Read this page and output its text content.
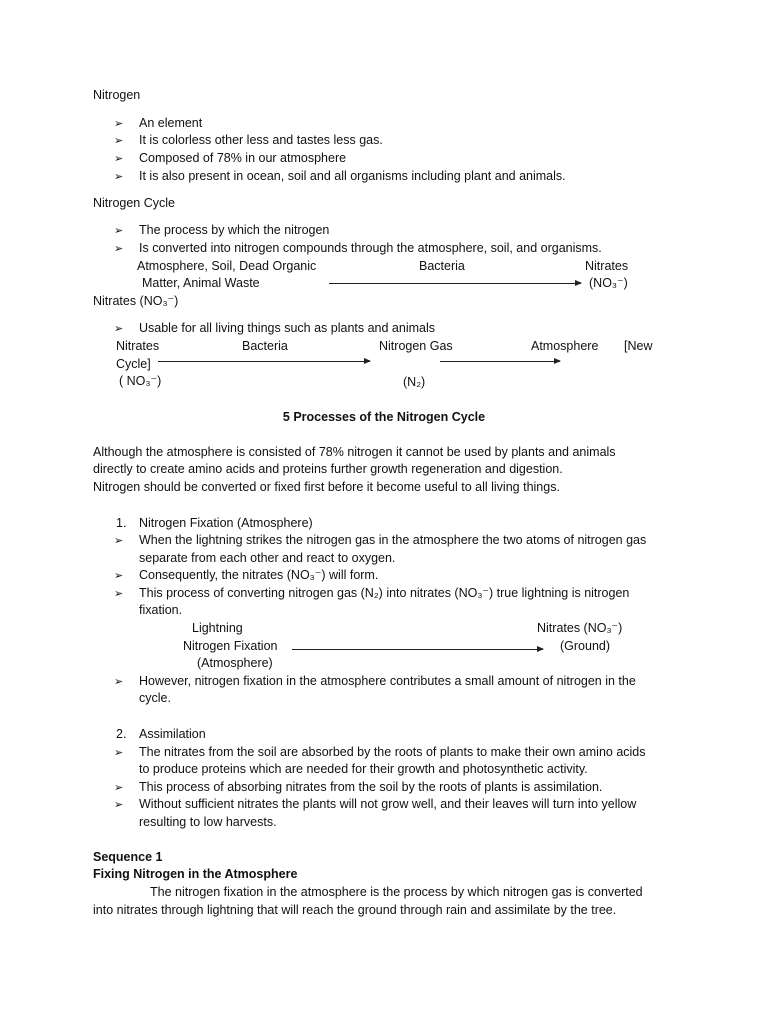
Nitrogen
➢	An element
➢	It is colorless other less and tastes less gas.
➢	Composed of 78% in our atmosphere
➢	It is also present in ocean, soil and all organisms including plant and animals.
Nitrogen Cycle
➢	The process by which the nitrogen
➢	Is converted into nitrogen compounds through the atmosphere, soil, and organisms.
Atmosphere, Soil, Dead Organic
Matter, Animal Waste
Bacteria	Nitrates
(NO₃⁻)
Nitrates (NO₃⁻)
➢	Usable for all living things such as plants and animals
Nitrates	Bacteria	Nitrogen Gas	Atmosphere [New
Cycle]
( NO₃⁻)	(N₂)
5 Processes of the Nitrogen Cycle
Although the atmosphere is consisted of 78% nitrogen it cannot be used by plants and animals
directly to create amino acids and proteins further growth regeneration and digestion.
Nitrogen should be converted or fixed first before it become useful to all living things.
1. Nitrogen Fixation (Atmosphere)
➢	When the lightning strikes the nitrogen gas in the atmosphere the two atoms of nitrogen gas
separate from each other and react to oxygen.
➢	Consequently, the nitrates (NO₃⁻) will form.
➢	This process of converting nitrogen gas (N₂) into nitrates (NO₃⁻) true lightning is nitrogen
fixation.
Lightning
Nitrogen Fixation
(Atmosphere)
Nitrates (NO₃⁻)
(Ground)
➢	However, nitrogen fixation in the atmosphere contributes a small amount of nitrogen in the
cycle.
2. Assimilation
➢	The nitrates from the soil are absorbed by the roots of plants to make their own amino acids
to produce proteins which are needed for their growth and photosynthetic activity.
➢	This process of absorbing nitrates from the soil by the roots of plants is assimilation.
➢	Without sufficient nitrates the plants will not grow well, and their leaves will turn into yellow
resulting to low harvests.
Sequence 1
Fixing Nitrogen in the Atmosphere
The nitrogen fixation in the atmosphere is the process by which nitrogen gas is converted
into nitrates through lightning that will reach the ground through rain and assimilate by the tree.
